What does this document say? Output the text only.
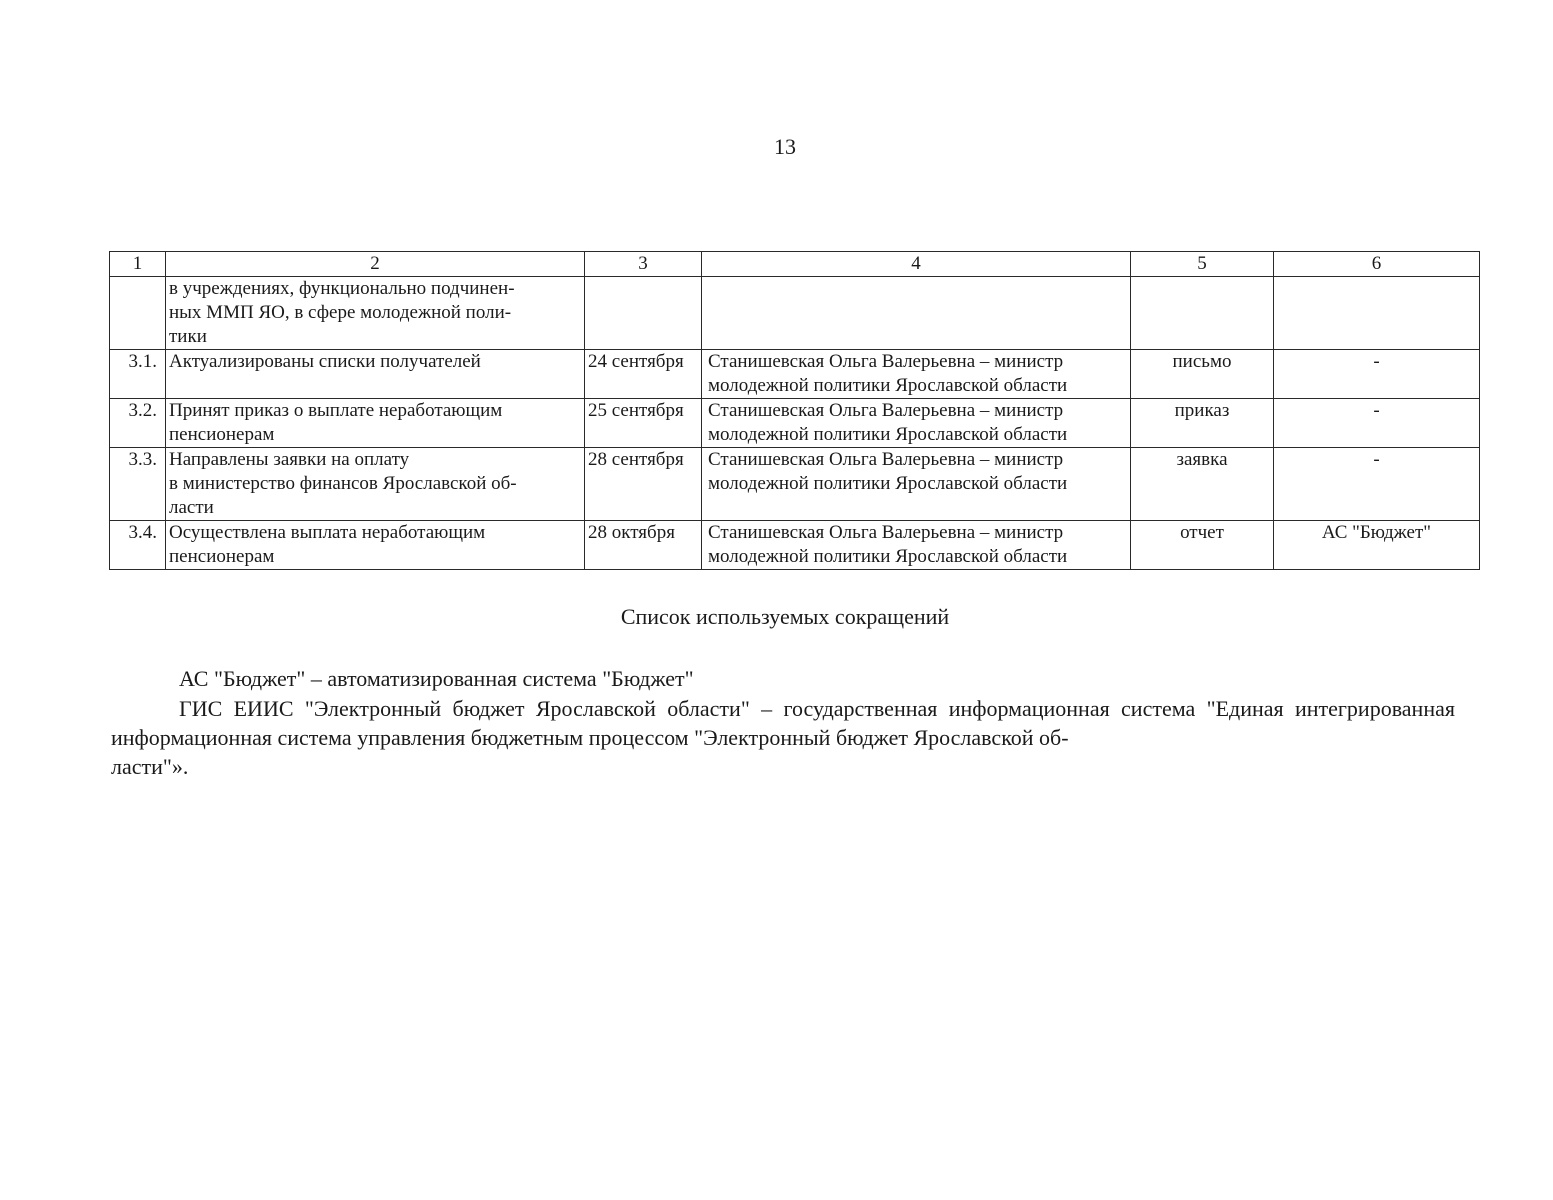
13
1	2	3	4	5	6
	в учреждениях, функционально подчинен-
ных ММП ЯО, в сфере молодежной поли-
тики				
3.1.	Актуализированы списки получателей	24 сентября	Станишевская Ольга Валерьевна – министр
молодежной политики Ярославской области	письмо	-
3.2.	Принят приказ о выплате неработающим
пенсионерам	25 сентября	Станишевская Ольга Валерьевна – министр
молодежной политики Ярославской области	приказ	-
3.3.	Направлены заявки на оплату
в министерство финансов Ярославской об-
ласти	28 сентября	Станишевская Ольга Валерьевна – министр
молодежной политики Ярославской области	заявка	-
3.4.	Осуществлена выплата неработающим
пенсионерам	28 октября	Станишевская Ольга Валерьевна – министр
молодежной политики Ярославской области	отчет	АС "Бюджет"
Список используемых сокращений

АС "Бюджет" – автоматизированная система "Бюджет"

ГИС ЕИИС "Электронный бюджет Ярославской области" – государственная информационная система "Единая интегрированная информационная система управления бюджетным процессом "Электронный бюджет Ярославской об-
ласти"».
